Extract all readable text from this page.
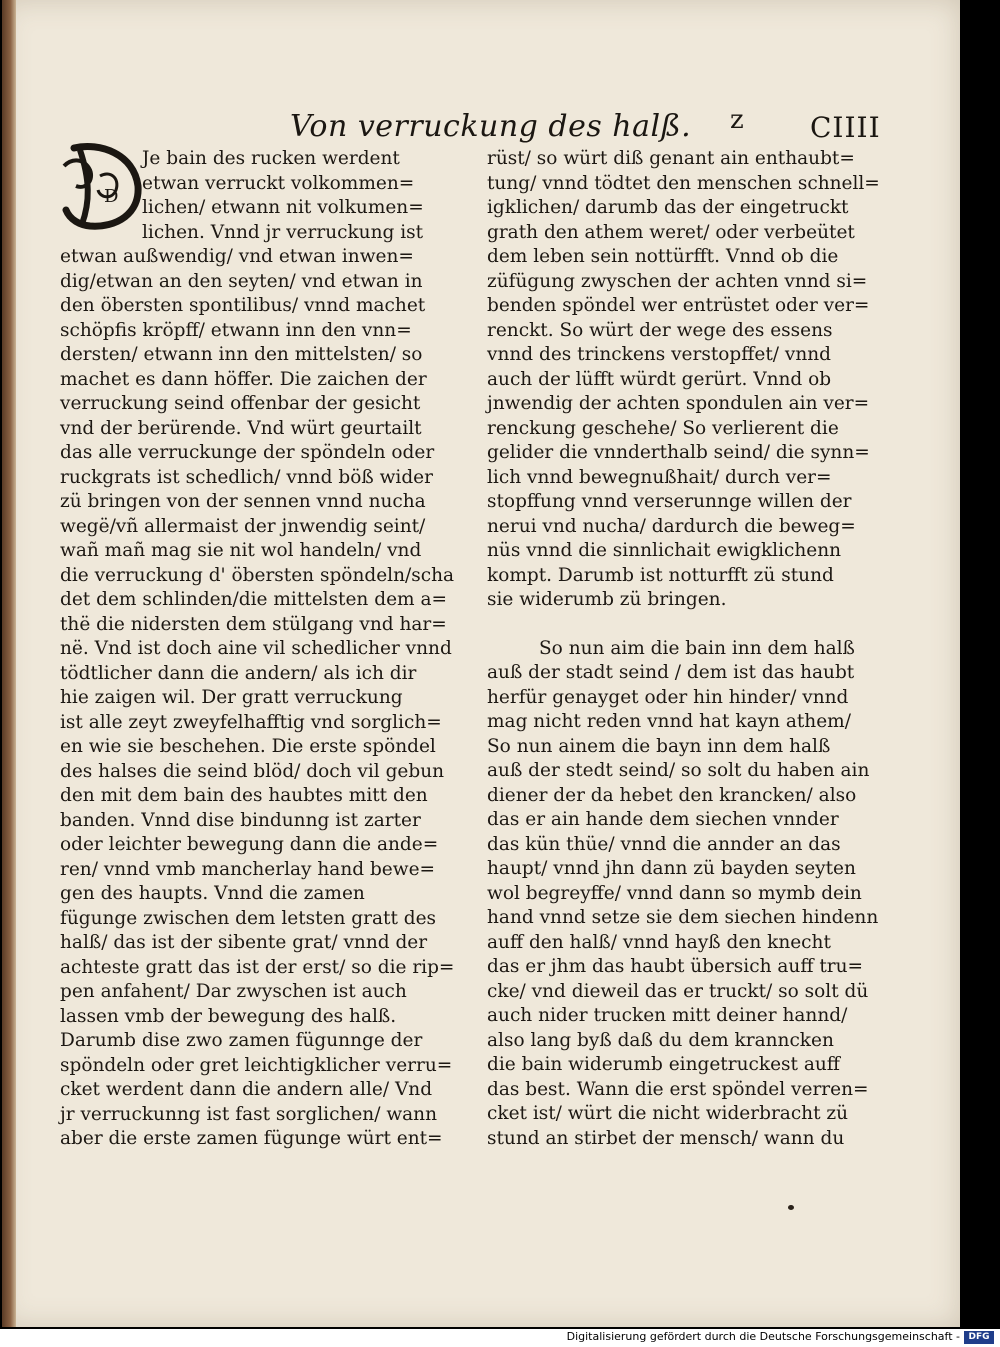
Von verruckung des halß. z CIIII
D
Je bain des rucken werdent
etwan verruckt volkommen=
lichen/ etwann nit volkumen=
lichen. Vnnd jr verruckung ist
etwan außwendig/ vnd etwan inwen=
dig/etwan an den seyten/ vnd etwan in
den öbersten spontilibus/ vnnd machet
schöpfis kröpff/ etwann inn den vnn=
dersten/ etwann inn den mittelsten/ so
machet es dann höffer. Die zaichen der
verruckung seind offenbar der gesicht
vnd der berürende. Vnd würt geurtailt
das alle verruckunge der spöndeln oder
ruckgrats ist schedlich/ vnnd böß wider
zü bringen von der sennen vnnd nucha
wegë/vñ allermaist der jnwendig seint/
wañ mañ mag sie nit wol handeln/ vnd
die verruckung d' öbersten spöndeln/scha
det dem schlinden/die mittelsten dem a=
thë die nidersten dem stülgang vnd har=
në. Vnd ist doch aine vil schedlicher vnnd
tödtlicher dann die andern/ als ich dir
hie zaigen wil. Der gratt verruckung
ist alle zeyt zweyfelhafftig vnd sorglich=
en wie sie beschehen. Die erste spöndel
des halses die seind blöd/ doch vil gebun
den mit dem bain des haubtes mitt den
banden. Vnnd dise bindunng ist zarter
oder leichter bewegung dann die ande=
ren/ vnnd vmb mancherlay hand bewe=
gen des haupts. Vnnd die zamen
fügunge zwischen dem letsten gratt des
halß/ das ist der sibente grat/ vnnd der
achteste gratt das ist der erst/ so die rip=
pen anfahent/ Dar zwyschen ist auch
lassen vmb der bewegung des halß.
Darumb dise zwo zamen fügunnge der
spöndeln oder gret leichtigklicher verru=
cket werdent dann die andern alle/ Vnd
jr verruckunng ist fast sorglichen/ wann
aber die erste zamen fügunge würt ent=
rüst/ so würt diß genant ain enthaubt=
tung/ vnnd tödtet den menschen schnell=
igklichen/ darumb das der eingetruckt
grath den athem weret/ oder verbeütet
dem leben sein nottürfft. Vnnd ob die
züfügung zwyschen der achten vnnd si=
benden spöndel wer entrüstet oder ver=
renckt. So würt der wege des essens
vnnd des trinckens verstopffet/ vnnd
auch der lüfft würdt gerürt. Vnnd ob
jnwendig der achten spondulen ain ver=
renckung geschehe/ So verlierent die
gelider die vnnderthalb seind/ die synn=
lich vnnd bewegnußhait/ durch ver=
stopffung vnnd verserunnge willen der
nerui vnd nucha/ dardurch die beweg=
nüs vnnd die sinnlichait ewigklichenn
kompt. Darumb ist notturfft zü stund
sie widerumb zü bringen.
So nun aim die bain inn dem halß
auß der stadt seind / dem ist das haubt
herfür genayget oder hin hinder/ vnnd
mag nicht reden vnnd hat kayn athem/
So nun ainem die bayn inn dem halß
auß der stedt seind/ so solt du haben ain
diener der da hebet den krancken/ also
das er ain hande dem siechen vnnder
das kün thüe/ vnnd die annder an das
haupt/ vnnd jhn dann zü bayden seyten
wol begreyffe/ vnnd dann so mymb dein
hand vnnd setze sie dem siechen hindenn
auff den halß/ vnnd hayß den knecht
das er jhm das haubt übersich auff tru=
cke/ vnd dieweil das er truckt/ so solt dü
auch nider trucken mitt deiner hannd/
also lang byß daß du dem kranncken
die bain widerumb eingetruckest auff
das best. Wann die erst spöndel verren=
cket ist/ würt die nicht widerbracht zü
stund an stirbet der mensch/ wann du
Digitalisierung gefördert durch die Deutsche Forschungsgemeinschaft - DFG
